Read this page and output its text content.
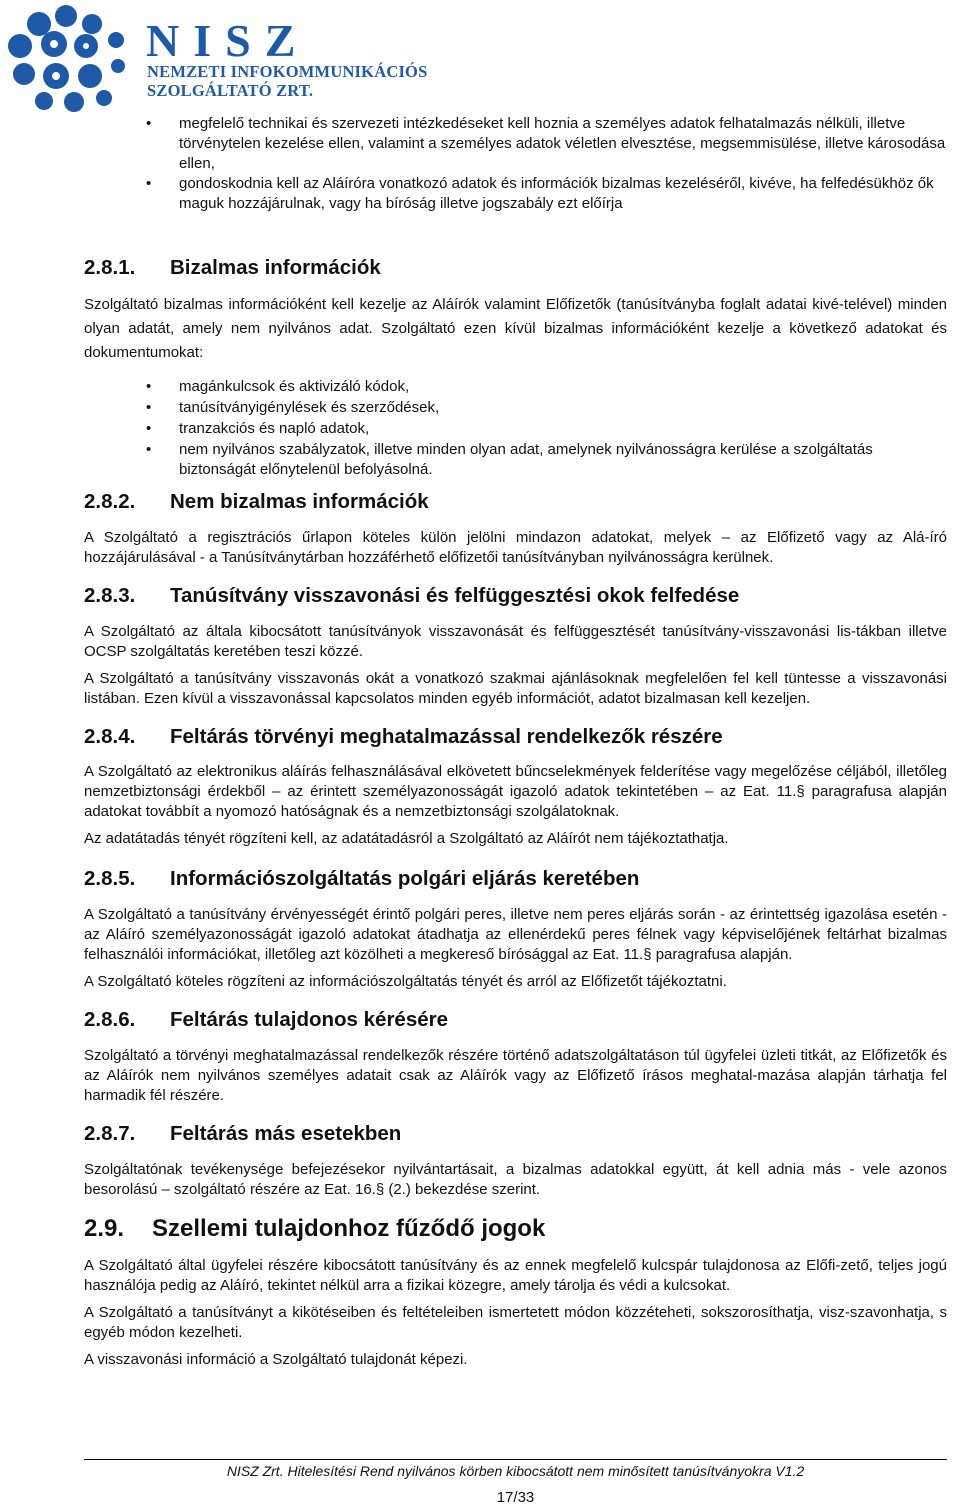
NISZ
NEMZETI INFOKOMMUNIKÁCIÓS
SZOLGÁLTATÓ ZRT.
• megfelelő technikai és szervezeti intézkedéseket kell hoznia a személyes adatok felhatalmazás nélküli, illetve törvénytelen kezelése ellen, valamint a személyes adatok véletlen elvesztése, megsemmisülése, illetve károsodása ellen,
• gondoskodnia kell az Aláíróra vonatkozó adatok és információk bizalmas kezeléséről, kivéve, ha felfedésükhöz ők maguk hozzájárulnak, vagy ha bíróság illetve jogszabály ezt előírja
2.8.1. Bizalmas információk

Szolgáltató bizalmas információként kell kezelje az Aláírók valamint Előfizetők (tanúsítványba foglalt adatai kivé-telével) minden olyan adatát, amely nem nyilvános adat. Szolgáltató ezen kívül bizalmas információként kezelje a következő adatokat és dokumentumokat:

• magánkulcsok és aktivizáló kódok,
• tanúsítványigénylések és szerződések,
• tranzakciós és napló adatok,
• nem nyilvános szabályzatok, illetve minden olyan adat, amelynek nyilvánosságra kerülése a szolgáltatás biztonságát előnytelenül befolyásolná.
2.8.2. Nem bizalmas információk

A Szolgáltató a regisztrációs űrlapon köteles külön jelölni mindazon adatokat, melyek – az Előfizető vagy az Alá-író hozzájárulásával - a Tanúsítványtárban hozzáférhető előfizetői tanúsítványban nyilvánosságra kerülnek.

2.8.3. Tanúsítvány visszavonási és felfüggesztési okok felfedése

A Szolgáltató az általa kibocsátott tanúsítványok visszavonását és felfüggesztését tanúsítvány-visszavonási lis-tákban illetve OCSP szolgáltatás keretében teszi közzé.

A Szolgáltató a tanúsítvány visszavonás okát a vonatkozó szakmai ajánlásoknak megfelelően fel kell tüntesse a visszavonási listában. Ezen kívül a visszavonással kapcsolatos minden egyéb információt, adatot bizalmasan kell kezeljen.

2.8.4. Feltárás törvényi meghatalmazással rendelkezők részére

A Szolgáltató az elektronikus aláírás felhasználásával elkövetett bűncselekmények felderítése vagy megelőzése céljából, illetőleg nemzetbiztonsági érdekből – az érintett személyazonosságát igazoló adatok tekintetében – az Eat. 11.§ paragrafusa alapján adatokat továbbít a nyomozó hatóságnak és a nemzetbiztonsági szolgálatoknak.

Az adatátadás tényét rögzíteni kell, az adatátadásról a Szolgáltató az Aláírót nem tájékoztathatja.

2.8.5. Információszolgáltatás polgári eljárás keretében

A Szolgáltató a tanúsítvány érvényességét érintő polgári peres, illetve nem peres eljárás során - az érintettség igazolása esetén - az Aláíró személyazonosságát igazoló adatokat átadhatja az ellenérdekű peres félnek vagy képviselőjének feltárhat bizalmas felhasználói információkat, illetőleg azt közölheti a megkereső bírósággal az Eat. 11.§ paragrafusa alapján.

A Szolgáltató köteles rögzíteni az információszolgáltatás tényét és arról az Előfizetőt tájékoztatni.

2.8.6. Feltárás tulajdonos kérésére

Szolgáltató a törvényi meghatalmazással rendelkezők részére történő adatszolgáltatáson túl ügyfelei üzleti titkát, az Előfizetők és az Aláírók nem nyilvános személyes adatait csak az Aláírók vagy az Előfizető írásos meghatal-mazása alapján tárhatja fel harmadik fél részére.

2.8.7. Feltárás más esetekben

Szolgáltatónak tevékenysége befejezésekor nyilvántartásait, a bizalmas adatokkal együtt, át kell adnia más - vele azonos besorolású – szolgáltató részére az Eat. 16.§ (2.) bekezdése szerint.

2.9. Szellemi tulajdonhoz fűződő jogok

A Szolgáltató által ügyfelei részére kibocsátott tanúsítvány és az ennek megfelelő kulcspár tulajdonosa az Előfi-zető, teljes jogú használója pedig az Aláíró, tekintet nélkül arra a fizikai közegre, amely tárolja és védi a kulcsokat.

A Szolgáltató a tanúsítványt a kikötéseiben és feltételeiben ismertetett módon közzéteheti, sokszorosíthatja, visz-szavonhatja, s egyéb módon kezelheti.

A visszavonási információ a Szolgáltató tulajdonát képezi.

NISZ Zrt. Hitelesítési Rend nyilvános körben kibocsátott nem minősített tanúsítványokra V1.2
17/33
